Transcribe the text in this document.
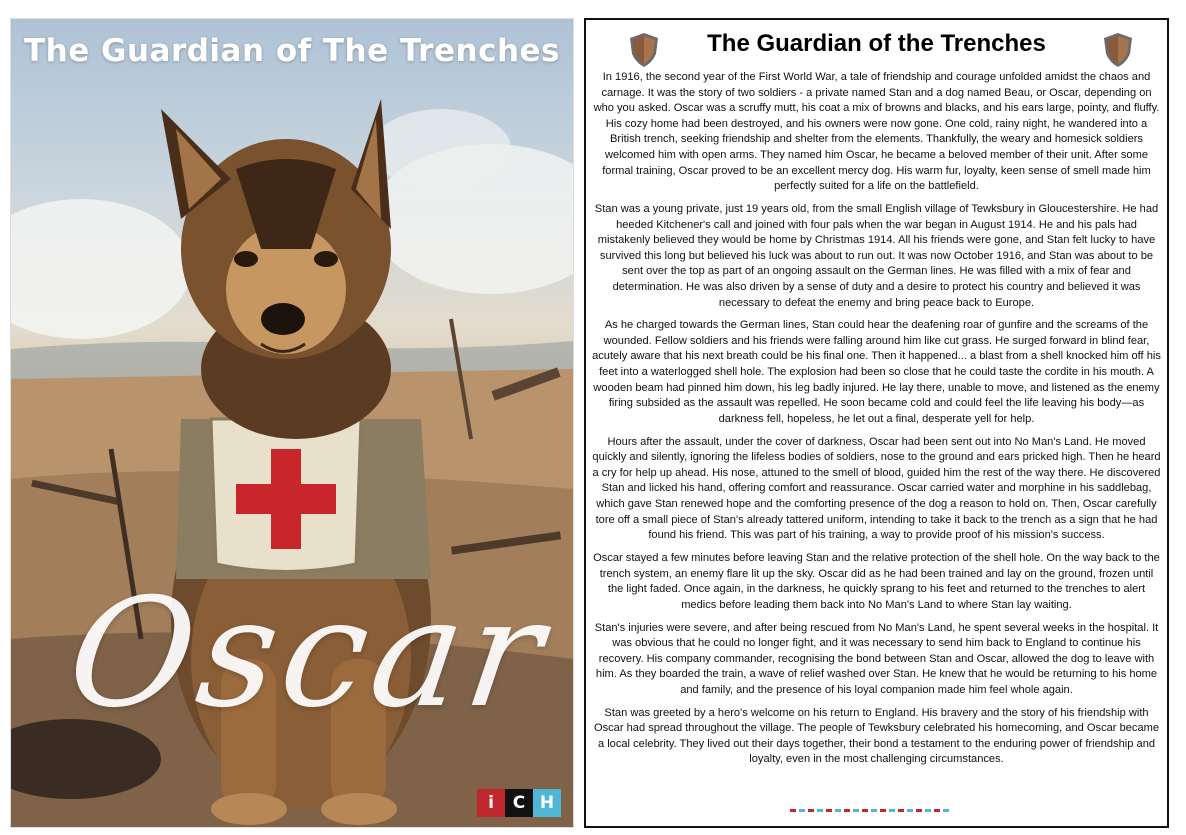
The Guardian of The Trenches
Oscar
i	C H
The Guardian of the Trenches

In 1916, the second year of the First World War, a tale of friendship and courage unfolded amidst the chaos and carnage. It was the story of two soldiers - a private named Stan and a dog named Beau, or Oscar, depending on who you asked. Oscar was a scruffy mutt, his coat a mix of browns and blacks, and his ears large, pointy, and fluffy. His cozy home had been destroyed, and his owners were now gone. One cold, rainy night, he wandered into a British trench, seeking friendship and shelter from the elements. Thankfully, the weary and homesick soldiers welcomed him with open arms. They named him Oscar, he became a beloved member of their unit. After some formal training, Oscar proved to be an excellent mercy dog. His warm fur, loyalty, keen sense of smell made him perfectly suited for a life on the battlefield.

Stan was a young private, just 19 years old, from the small English village of Tewksbury in Gloucestershire. He had heeded Kitchener's call and joined with four pals when the war began in August 1914. He and his pals had mistakenly believed they would be home by Christmas 1914. All his friends were gone, and Stan felt lucky to have survived this long but believed his luck was about to run out. It was now October 1916, and Stan was about to be sent over the top as part of an ongoing assault on the German lines. He was filled with a mix of fear and determination. He was also driven by a sense of duty and a desire to protect his country and believed it was necessary to defeat the enemy and bring peace back to Europe.

As he charged towards the German lines, Stan could hear the deafening roar of gunfire and the screams of the wounded. Fellow soldiers and his friends were falling around him like cut grass. He surged forward in blind fear, acutely aware that his next breath could be his final one. Then it happened... a blast from a shell knocked him off his feet into a waterlogged shell hole. The explosion had been so close that he could taste the cordite in his mouth. A wooden beam had pinned him down, his leg badly injured. He lay there, unable to move, and listened as the enemy firing subsided as the assault was repelled. He soon became cold and could feel the life leaving his body—as darkness fell, hopeless, he let out a final, desperate yell for help.

Hours after the assault, under the cover of darkness, Oscar had been sent out into No Man's Land. He moved quickly and silently, ignoring the lifeless bodies of soldiers, nose to the ground and ears pricked high. Then he heard a cry for help up ahead. His nose, attuned to the smell of blood, guided him the rest of the way there. He discovered Stan and licked his hand, offering comfort and reassurance. Oscar carried water and morphine in his saddlebag, which gave Stan renewed hope and the comforting presence of the dog a reason to hold on. Then, Oscar carefully tore off a small piece of Stan's already tattered uniform, intending to take it back to the trench as a sign that he had found his friend. This was part of his training, a way to provide proof of his mission's success.

Oscar stayed a few minutes before leaving Stan and the relative protection of the shell hole. On the way back to the trench system, an enemy flare lit up the sky. Oscar did as he had been trained and lay on the ground, frozen until the light faded. Once again, in the darkness, he quickly sprang to his feet and returned to the trenches to alert medics before leading them back into No Man's Land to where Stan lay waiting.

Stan's injuries were severe, and after being rescued from No Man's Land, he spent several weeks in the hospital. It was obvious that he could no longer fight, and it was necessary to send him back to England to continue his recovery. His company commander, recognising the bond between Stan and Oscar, allowed the dog to leave with him. As they boarded the train, a wave of relief washed over Stan. He knew that he would be returning to his home and family, and the presence of his loyal companion made him feel whole again.

Stan was greeted by a hero's welcome on his return to England. His bravery and the story of his friendship with Oscar had spread throughout the village. The people of Tewksbury celebrated his homecoming, and Oscar became a local celebrity. They lived out their days together, their bond a testament to the enduring power of friendship and loyalty, even in the most challenging circumstances.
